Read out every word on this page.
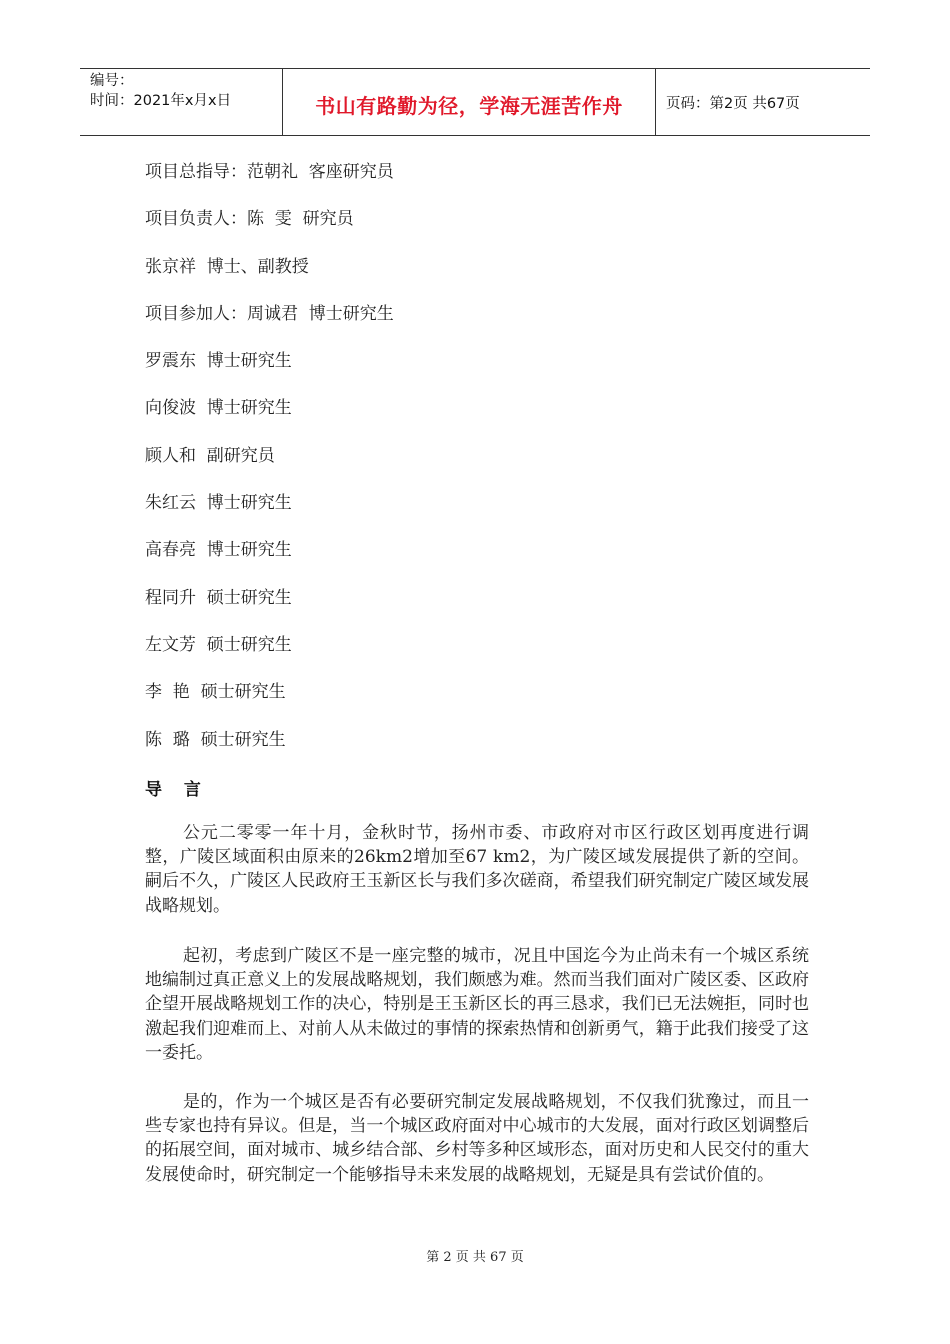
编号：
时间：2021年x月x日	书山有路勤为径，学海无涯苦作舟	页码：第2页 共67页
项目总指导：范朝礼  客座研究员
项目负责人：陈  雯  研究员
张京祥  博士、副教授
项目参加人：周诚君  博士研究生
罗震东  博士研究生
向俊波  博士研究生
顾人和  副研究员
朱红云  博士研究生
高春亮  博士研究生
程同升  硕士研究生
左文芳  硕士研究生
李  艳  硕士研究生
陈  璐  硕士研究生
导 言

公元二零零一年十月，金秋时节，扬州市委、市政府对市区行政区划再度进行调整，广陵区域面积由原来的26km2增加至67 km2，为广陵区域发展提供了新的空间。嗣后不久，广陵区人民政府王玉新区长与我们多次磋商，希望我们研究制定广陵区域发展战略规划。

起初，考虑到广陵区不是一座完整的城市，况且中国迄今为止尚未有一个城区系统地编制过真正意义上的发展战略规划，我们颇感为难。然而当我们面对广陵区委、区政府企望开展战略规划工作的决心，特别是王玉新区长的再三恳求，我们已无法婉拒，同时也激起我们迎难而上、对前人从未做过的事情的探索热情和创新勇气，籍于此我们接受了这一委托。

是的，作为一个城区是否有必要研究制定发展战略规划，不仅我们犹豫过，而且一些专家也持有异议。但是，当一个城区政府面对中心城市的大发展，面对行政区划调整后的拓展空间，面对城市、城乡结合部、乡村等多种区域形态，面对历史和人民交付的重大发展使命时，研究制定一个能够指导未来发展的战略规划，无疑是具有尝试价值的。

第 2 页 共 67 页
